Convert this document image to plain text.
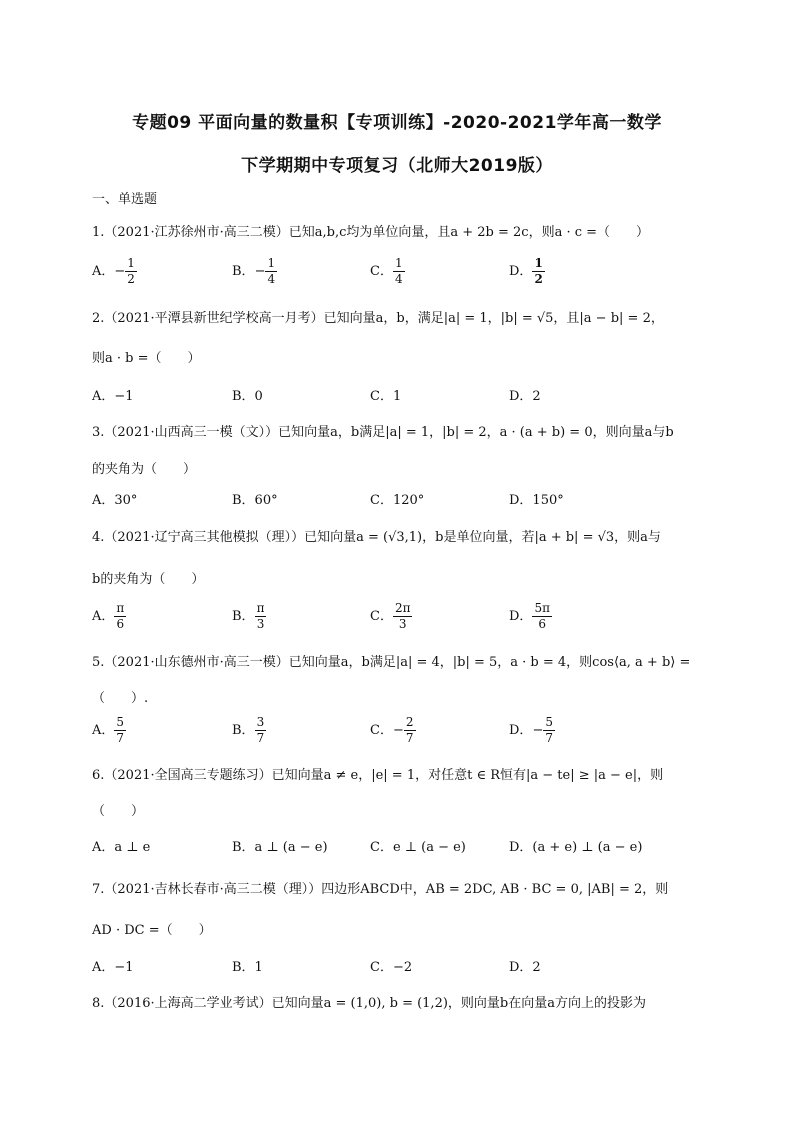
专题09 平面向量的数量积【专项训练】-2020-2021学年高一数学
下学期期中专项复习（北师大2019版）
一、单选题
1.（2021·江苏徐州市·高三二模）已知a,b,c均为单位向量，且a + 2b = 2c，则a · c =（　　）
A．− $\frac{1}{2}$	B．− $\frac{1}{4}$	C． $\frac{1}{4}$	D． $\frac{1}{2}$
2.（2021·平潭县新世纪学校高一月考）已知向量a，b，满足|a| = 1，|b| = √5，且|a − b| = 2，
则a · b =（　　）
A．−1	B．0	C．1	D．2
3.（2021·山西高三一模（文））已知向量a，b满足|a| = 1，|b| = 2，a · (a + b) = 0，则向量a与b
的夹角为（　　）
A．30°	B．60°	C．120°	D．150°
4.（2021·辽宁高三其他模拟（理））已知向量a = (√3,1)，b是单位向量，若|a + b| = √3，则a与
b的夹角为（　　）
A． $\frac{\pi}{6}$	B． $\frac{\pi}{3}$	C． $\frac{2\pi}{3}$	D． $\frac{5\pi}{6}$
5.（2021·山东德州市·高三一模）已知向量a，b满足|a| = 4，|b| = 5，a · b = 4，则cos⟨a, a + b⟩ =
（　　）.
A． $\frac{5}{7}$	B． $\frac{3}{7}$	C．− $\frac{2}{7}$	D．− $\frac{5}{7}$
6.（2021·全国高三专题练习）已知向量a ≠ e，|e| = 1，对任意t ∈ R恒有|a − te| ≥ |a − e|，则
（　　）
A．a ⊥ e	B．a ⊥ (a − e)	C．e ⊥ (a − e)	D．(a + e) ⊥ (a − e)
7.（2021·吉林长春市·高三二模（理））四边形ABCD中，AB = 2DC, AB · BC = 0, |AB| = 2，则
AD · DC =（　　）
A．−1	B．1	C．−2	D．2
8.（2016·上海高二学业考试）已知向量a = (1,0), b = (1,2)，则向量b在向量a方向上的投影为
